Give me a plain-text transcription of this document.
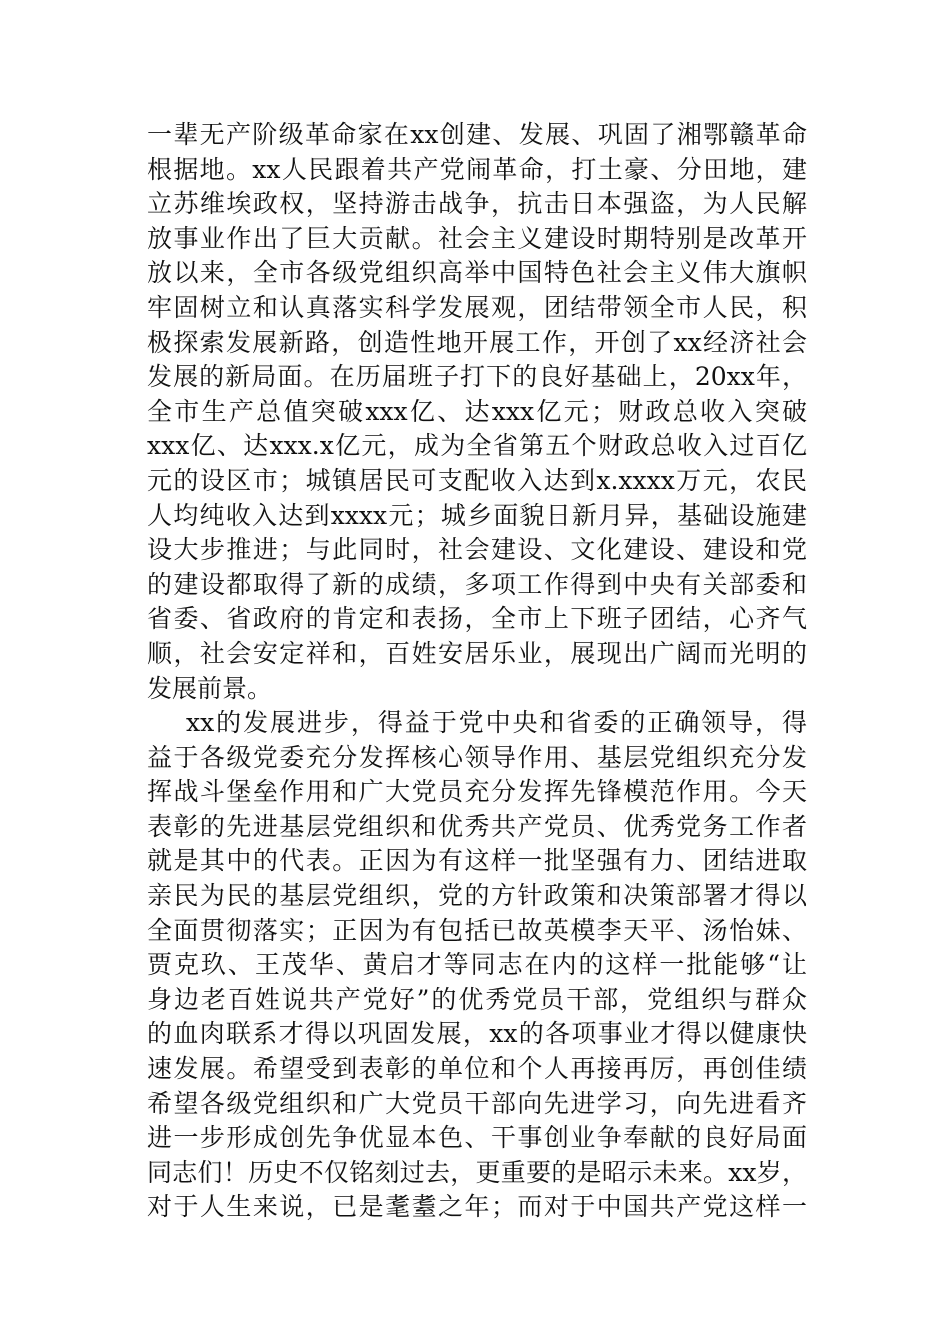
一辈无产阶级革命家在xx创建、发展、巩固了湘鄂赣革命
根据地。xx人民跟着共产党闹革命，打土豪、分田地，建
立苏维埃政权，坚持游击战争，抗击日本强盗，为人民解
放事业作出了巨大贡献。社会主义建设时期特别是改革开
放以来，全市各级党组织高举中国特色社会主义伟大旗帜
牢固树立和认真落实科学发展观，团结带领全市人民，积
极探索发展新路，创造性地开展工作，开创了xx经济社会
发展的新局面。在历届班子打下的良好基础上，20xx年，
全市生产总值突破xxx亿、达xxx亿元；财政总收入突破
xxx亿、达xxx.x亿元，成为全省第五个财政总收入过百亿
元的设区市；城镇居民可支配收入达到x.xxxx万元，农民
人均纯收入达到xxxx元；城乡面貌日新月异，基础设施建
设大步推进；与此同时，社会建设、文化建设、建设和党
的建设都取得了新的成绩，多项工作得到中央有关部委和
省委、省政府的肯定和表扬，全市上下班子团结，心齐气
顺，社会安定祥和，百姓安居乐业，展现出广阔而光明的
发展前景。
xx的发展进步，得益于党中央和省委的正确领导，得
益于各级党委充分发挥核心领导作用、基层党组织充分发
挥战斗堡垒作用和广大党员充分发挥先锋模范作用。今天
表彰的先进基层党组织和优秀共产党员、优秀党务工作者
就是其中的代表。正因为有这样一批坚强有力、团结进取
亲民为民的基层党组织，党的方针政策和决策部署才得以
全面贯彻落实；正因为有包括已故英模李天平、汤怡妹、
贾克玖、王茂华、黄启才等同志在内的这样一批能够“让
身边老百姓说共产党好”的优秀党员干部，党组织与群众
的血肉联系才得以巩固发展，xx的各项事业才得以健康快
速发展。希望受到表彰的单位和个人再接再厉，再创佳绩
希望各级党组织和广大党员干部向先进学习，向先进看齐
进一步形成创先争优显本色、干事创业争奉献的良好局面
同志们！历史不仅铭刻过去，更重要的是昭示未来。xx岁，
对于人生来说，已是耄耋之年；而对于中国共产党这样一
